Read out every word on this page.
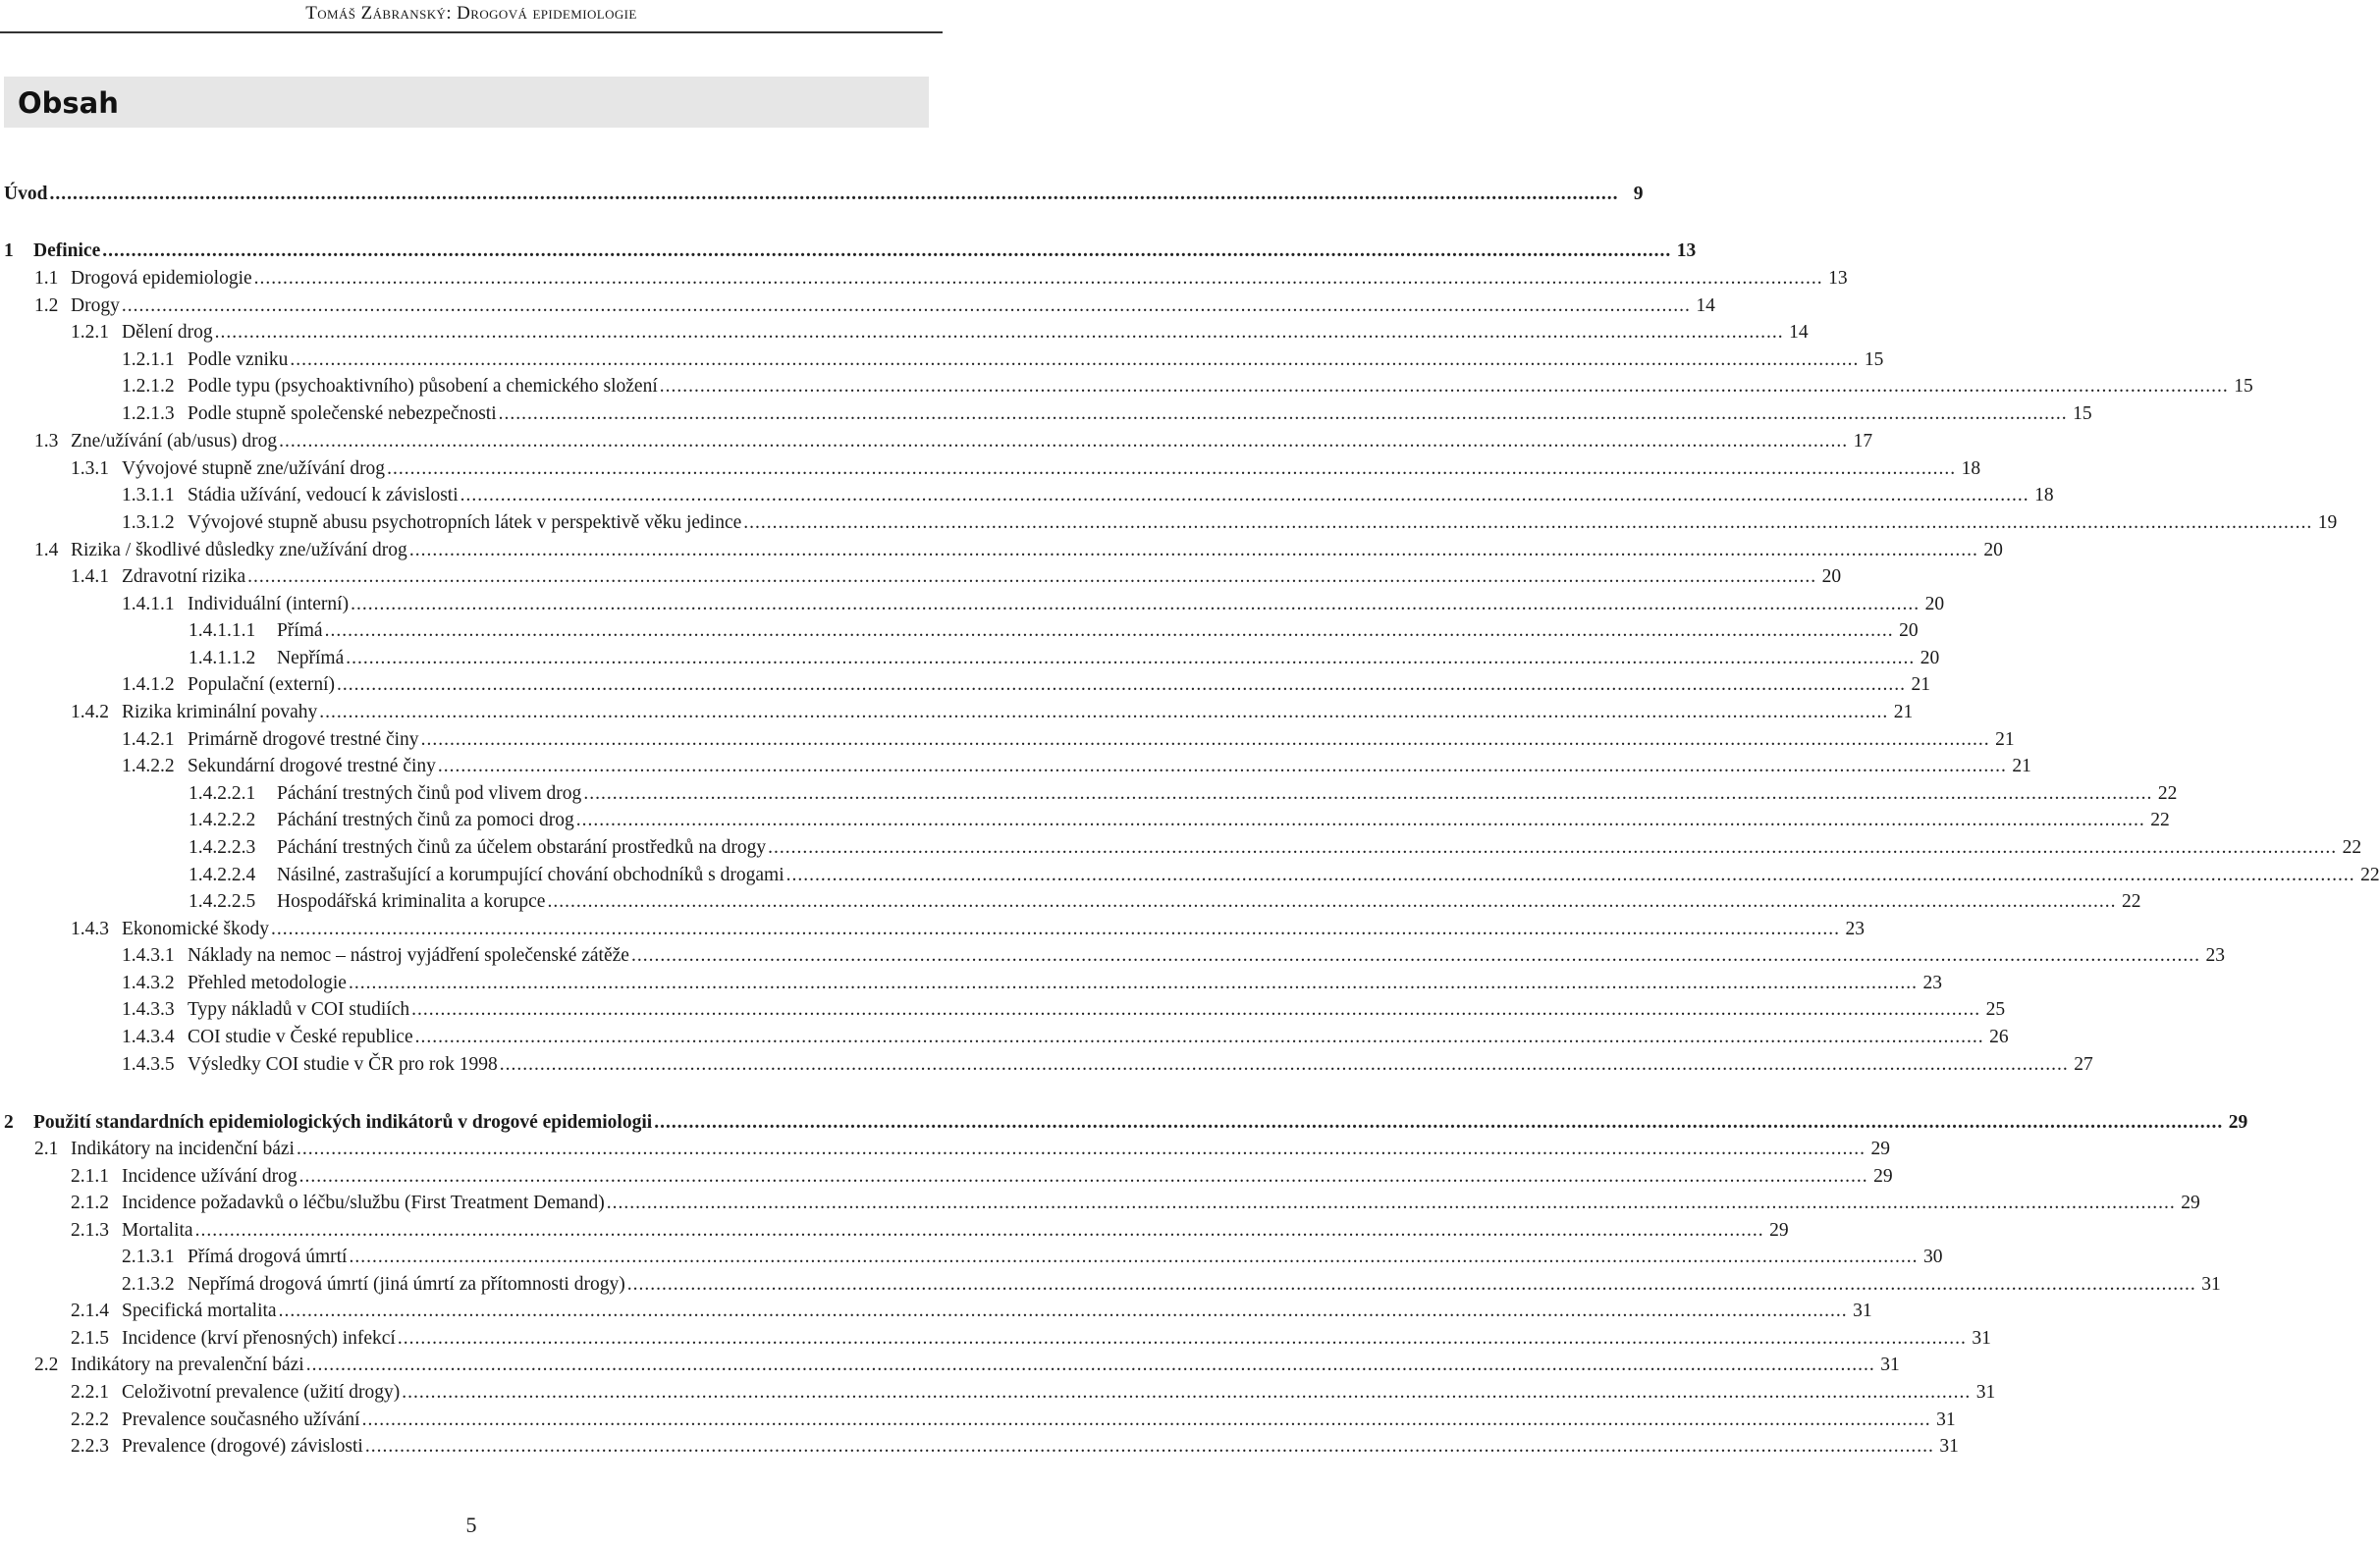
Tomáš Zábranský: Drogová epidemiologie
Obsah
Úvod .....	9
1	Definice .....	13
1.1 Drogová epidemiologie .....	13
1.2 Drogy .....	14
1.2.1 Dělení drog .....	14
1.2.1.1 Podle vzniku .....	15
1.2.1.2 Podle typu (psychoaktivního) působení a chemického složení .....	15
1.2.1.3 Podle stupně společenské nebezpečnosti .....	15
1.3 Zne/užívání (ab/usus) drog .....	17
1.3.1 Vývojové stupně zne/užívání drog .....	18
1.3.1.1 Stádia užívání, vedoucí k závislosti .....	18
1.3.1.2 Vývojové stupně abusu psychotropních látek v perspektivě věku jedince .....	19
1.4 Rizika / škodlivé důsledky zne/užívání drog .....	20
1.4.1 Zdravotní rizika .....	20
1.4.1.1 Individuální (interní) .....	20
1.4.1.1.1	Přímá .....	20
1.4.1.1.2	Nepřímá .....	20
1.4.1.2 Populační (externí) .....	21
1.4.2 Rizika kriminální povahy .....	21
1.4.2.1 Primárně drogové trestné činy .....	21
1.4.2.2 Sekundární drogové trestné činy .....	21
1.4.2.2.1	Páchání trestných činů pod vlivem drog .....	22
1.4.2.2.2	Páchání trestných činů za pomoci drog .....	22
1.4.2.2.3	Páchání trestných činů za účelem obstarání prostředků na drogy .....	22
1.4.2.2.4	Násilné, zastrašující a korumpující chování obchodníků s drogami .....	22
1.4.2.2.5	Hospodářská kriminalita a korupce .....	22
1.4.3 Ekonomické škody .....	23
1.4.3.1 Náklady na nemoc – nástroj vyjádření společenské zátěže .....	23
1.4.3.2 Přehled metodologie .....	23
1.4.3.3 Typy nákladů v COI studiích .....	25
1.4.3.4 COI studie v České republice .....	26
1.4.3.5 Výsledky COI studie v ČR pro rok 1998 .....	27
2	Použití standardních epidemiologických indikátorů v drogové epidemiologii .....	29
2.1 Indikátory na incidenční bázi .....	29
2.1.1 Incidence užívání drog .....	29
2.1.2 Incidence požadavků o léčbu/službu (First Treatment Demand) .....	29
2.1.3 Mortalita .....	29
2.1.3.1 Přímá drogová úmrtí .....	30
2.1.3.2 Nepřímá drogová úmrtí (jiná úmrtí za přítomnosti drogy) .....	31
2.1.4 Specifická mortalita .....	31
2.1.5 Incidence (krví přenosných) infekcí .....	31
2.2 Indikátory na prevalenční bázi .....	31
2.2.1 Celoživotní prevalence (užití drogy) .....	31
2.2.2 Prevalence současného užívání .....	31
2.2.3 Prevalence (drogové) závislosti .....	31
5
